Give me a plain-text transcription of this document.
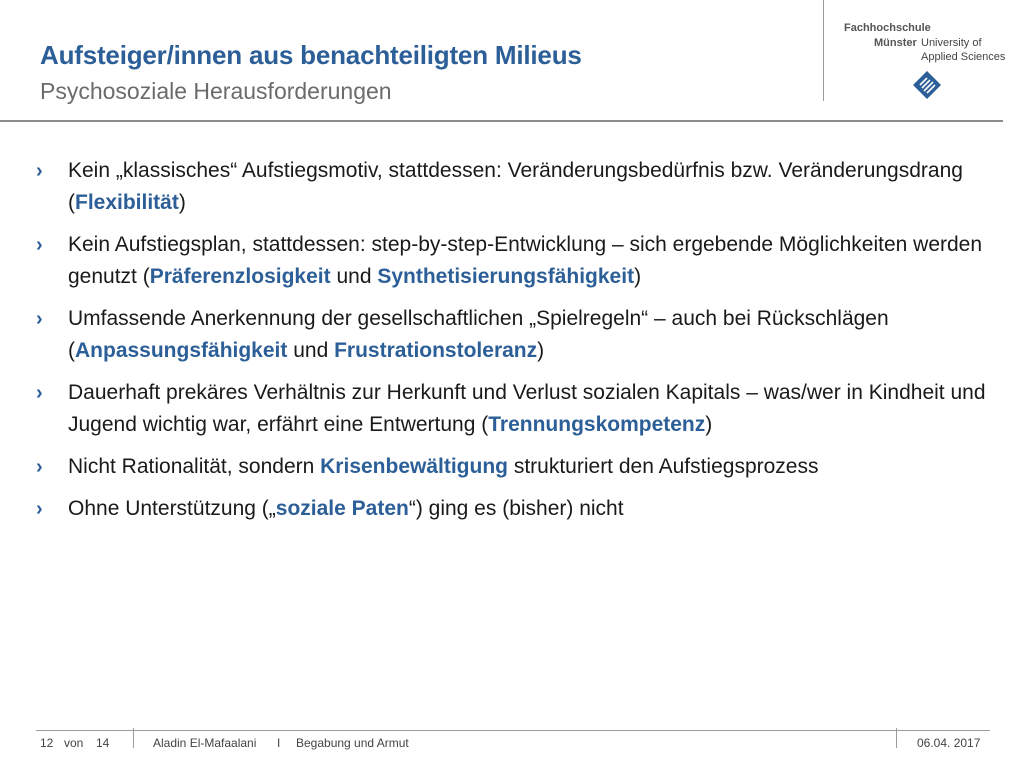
Aufsteiger/innen aus benachteiligten Milieus
Psychosoziale Herausforderungen
Fachhochschule
Münster University of
Applied Sciences
› Kein „klassisches“ Aufstiegsmotiv, stattdessen: Veränderungsbedürfnis bzw. Veränderungsdrang (Flexibilität)
› Kein Aufstiegsplan, stattdessen: step-by-step-Entwicklung – sich ergebende Möglichkeiten werden genutzt (Präferenzlosigkeit und Synthetisierungsfähigkeit)
› Umfassende Anerkennung der gesellschaftlichen „Spielregeln“ – auch bei Rückschlägen (Anpassungsfähigkeit und Frustrationstoleranz)
› Dauerhaft prekäres Verhältnis zur Herkunft und Verlust sozialen Kapitals – was/wer in Kindheit und Jugend wichtig war, erfährt eine Entwertung (Trennungskompetenz)
› Nicht Rationalität, sondern Krisenbewältigung strukturiert den Aufstiegsprozess
› Ohne Unterstützung („soziale Paten“) ging es (bisher) nicht
12 von 14	Aladin El-Mafaalani I Begabung und Armut	06.04. 2017
